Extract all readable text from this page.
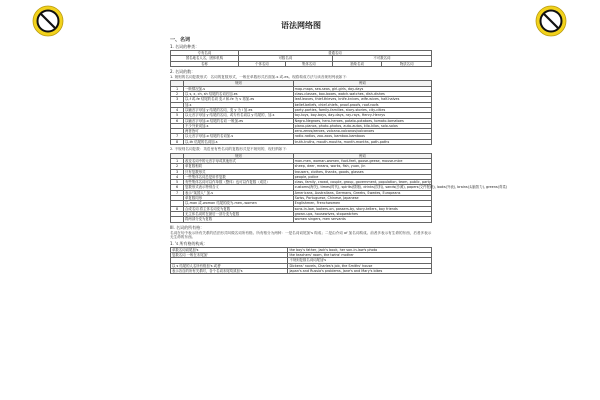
语法网络图
一、名词
1. 名词的种类：
专有名词	普通名词			
国名地名人名，团体机构	可数名词		不可数名词	
名称	个体名词	集体名词	抽象名词	物质名词
2. 名词的数：
1. 规则的名词复数形式：名词的复数形式，一般在单数形式后面加-s 或-es。现将构成方法与读音规则列表如下：
	规则	例词
1	一般情况加-s	map-maps, sea-seas, girl-girls, day-days
2	以 s, x, ch, sh 结尾的名词后加-es	class-classes, box-boxes, watch-watches, dish-dishes
3	以-f 或-fe 结尾的名词 变-f 和-fe 为 v 再加-es	leaf-leaves, thief-thieves, knife-knives, wife-wives, half-halves
	加-s	belief-beliefs, chief-chiefs, proof-proofs, roof-roofs
4	以辅音字母加 y 结尾的名词，变 y 为 i 加-es	party-parties, family-families, story-stories, city-cities
5	以元音字母加 y 结尾的名词，或专有名词以 y 结尾的，加-s	toy-toys, boy-boys, day-days, ray-rays, Henry-Henrys
6	以辅音字母加-o 结尾的名词 一般加-es	Negro-Negroes, hero-heroes, potato-potatoes, tomato-tomatoes
	不少外来词加-s	piano-pianos, photo-photos, auto-autos, kilo-kilos, solo-solos
	两者皆可	zero-zeros/zeroes, volcano-volcanos/volcanoes
7	以元音字母加-o 结尾的名词加-s	radio-radios, zoo-zoos, bamboo-bamboos
8	以-th 结尾的名词加-s	truth-truths, mouth-mouths, month-months, path-paths
2. 不规则名词复数：英语里有些名词的复数形式是不规则的，现归纳如下：
	规则	例词
1	改变名词中的元音字母或其他形式	man-men, woman-women, foot-feet, goose-geese, mouse-mice
2	单复数相同	sheep, deer, means, works, fish, yuan, jin
3	只有复数形式	trousers, clothes, thanks, goods, glasses
4	一些集体名词总是用作复数	people, police
5	有些集体名词可以作单数（整体）也可以作复数（成员）	class, family, crowd, couple, group, government, population, team, public, party
6	复数形式表示特别含义	customs(海关), times(时代), spirits(情绪), drinks(饮料), sands(沙滩), papers(文件报纸), looks(外表), brains(头脑智力), greens(青菜)
7	表示“某国人” 加-s	Americans, Australians, Germans, Greeks, Swedes, Europeans
	单复数同形	Swiss, Portuguese, Chinese, Japanese
	以-man 或-woman 结尾的改为-men,-women	Englishmen, Frenchwomen
8	合成名词 将主体名词变为复数	sons-in-law, lookers-on, passers-by, story-tellers, boy friends
	无主体名词时在最后一部分变为复数	grown-ups, housewives, stopwatches
	将两部分变为复数	women singers, men servants
III. 名词的所有格：
名词在句中表示所有关系的语法形式叫做名词所有格。所有格分为两种：一是名词词尾加's 构成；二是由介词 of 加名词构成。前者多表示有生命的东西，后者多表示无生命的东西。
1. 's 所有格的构成：
单数名词词尾加's	the boy's father, Jack's book, her son-in-law's photo	
复数名词 一般在末尾加'	the teachers' room, the twins' mother	
	不规则复数名词词尾加's	
以 s 结尾的人名所有格加's 或者'	Dickens' novels, Charles's job, the Smiths' house	
表示各自的所有关系时，各个名词末尾均须加's	Japan's and Russia's problems, Jane's and Mary's bikes	
